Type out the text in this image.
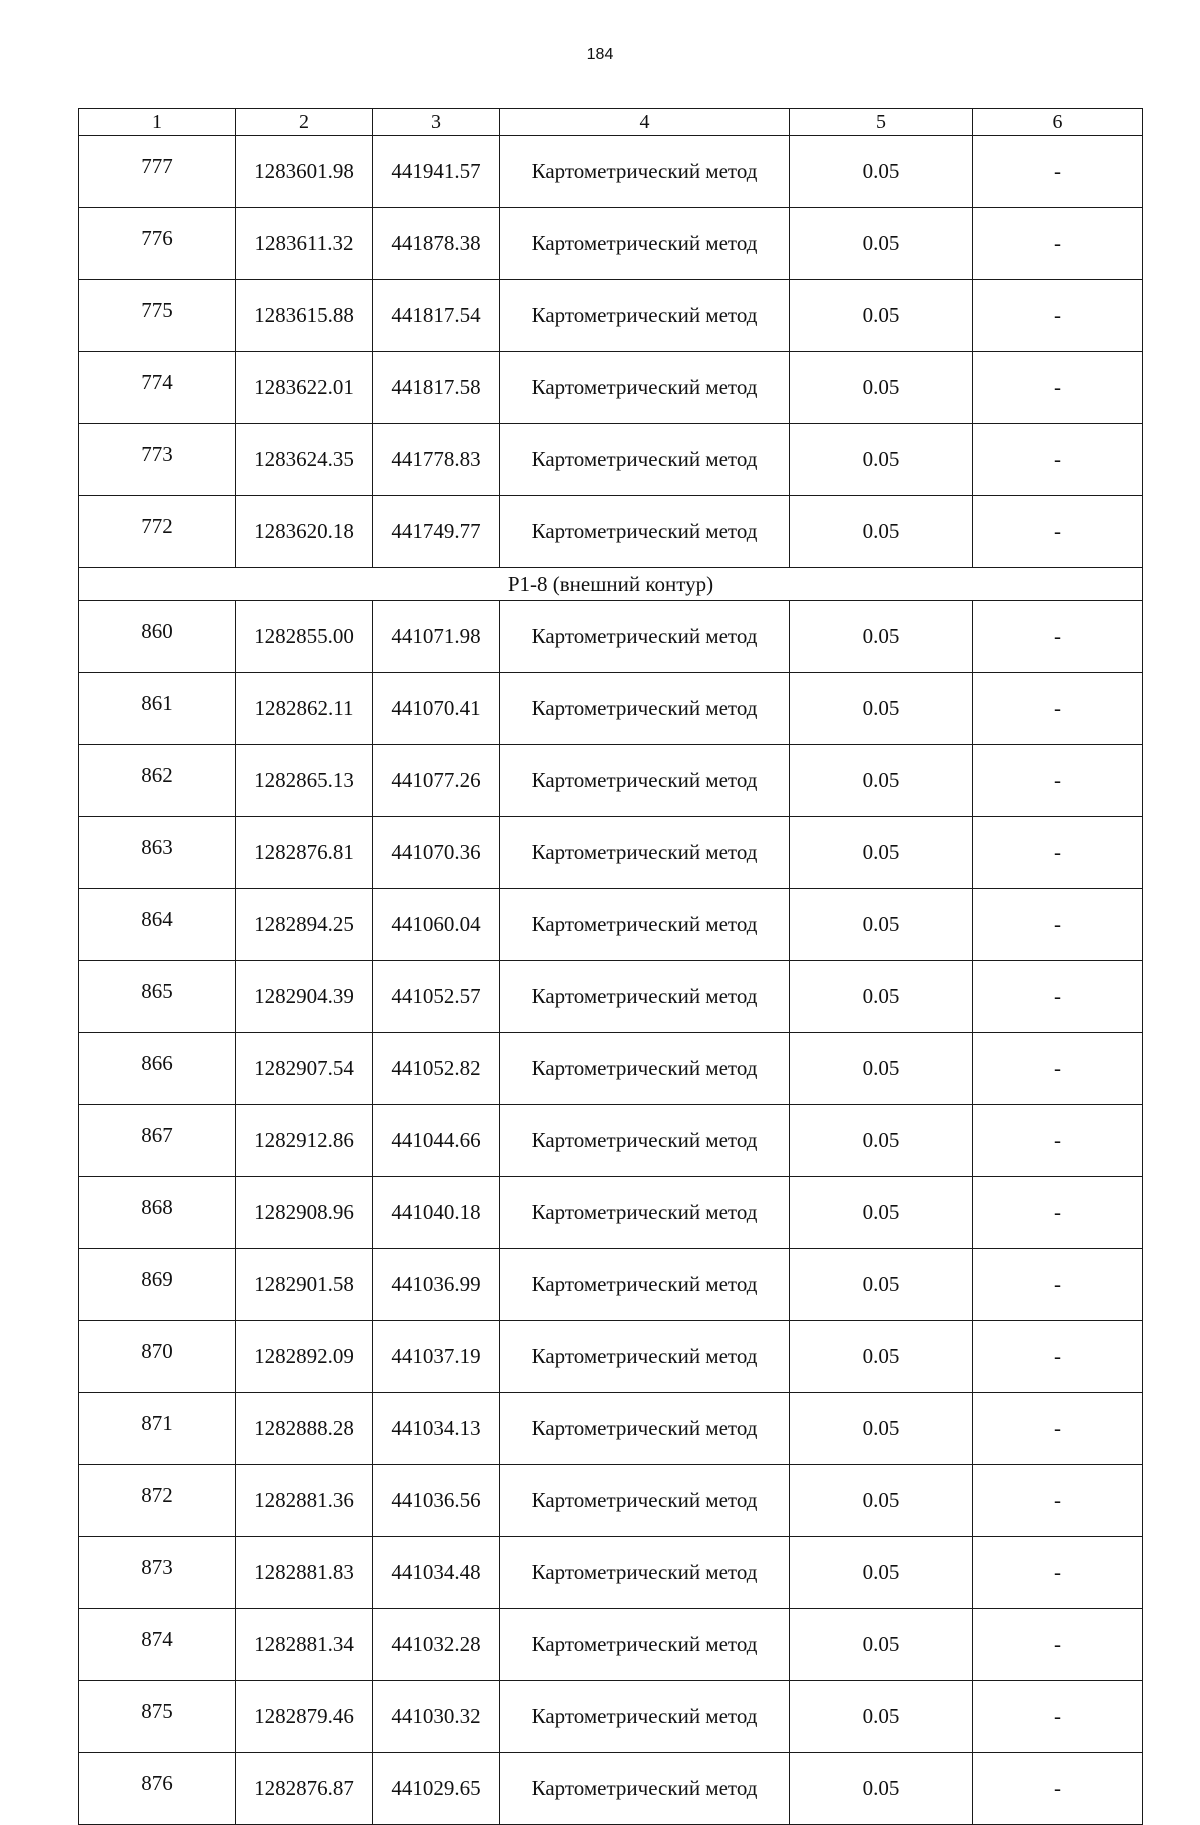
184
1	2	3	4	5	6
777	1283601.98	441941.57	Картометрический метод	0.05	-
776	1283611.32	441878.38	Картометрический метод	0.05	-
775	1283615.88	441817.54	Картометрический метод	0.05	-
774	1283622.01	441817.58	Картометрический метод	0.05	-
773	1283624.35	441778.83	Картометрический метод	0.05	-
772	1283620.18	441749.77	Картометрический метод	0.05	-
Р1-8 (внешний контур)					
860	1282855.00	441071.98	Картометрический метод	0.05	-
861	1282862.11	441070.41	Картометрический метод	0.05	-
862	1282865.13	441077.26	Картометрический метод	0.05	-
863	1282876.81	441070.36	Картометрический метод	0.05	-
864	1282894.25	441060.04	Картометрический метод	0.05	-
865	1282904.39	441052.57	Картометрический метод	0.05	-
866	1282907.54	441052.82	Картометрический метод	0.05	-
867	1282912.86	441044.66	Картометрический метод	0.05	-
868	1282908.96	441040.18	Картометрический метод	0.05	-
869	1282901.58	441036.99	Картометрический метод	0.05	-
870	1282892.09	441037.19	Картометрический метод	0.05	-
871	1282888.28	441034.13	Картометрический метод	0.05	-
872	1282881.36	441036.56	Картометрический метод	0.05	-
873	1282881.83	441034.48	Картометрический метод	0.05	-
874	1282881.34	441032.28	Картометрический метод	0.05	-
875	1282879.46	441030.32	Картометрический метод	0.05	-
876	1282876.87	441029.65	Картометрический метод	0.05	-
